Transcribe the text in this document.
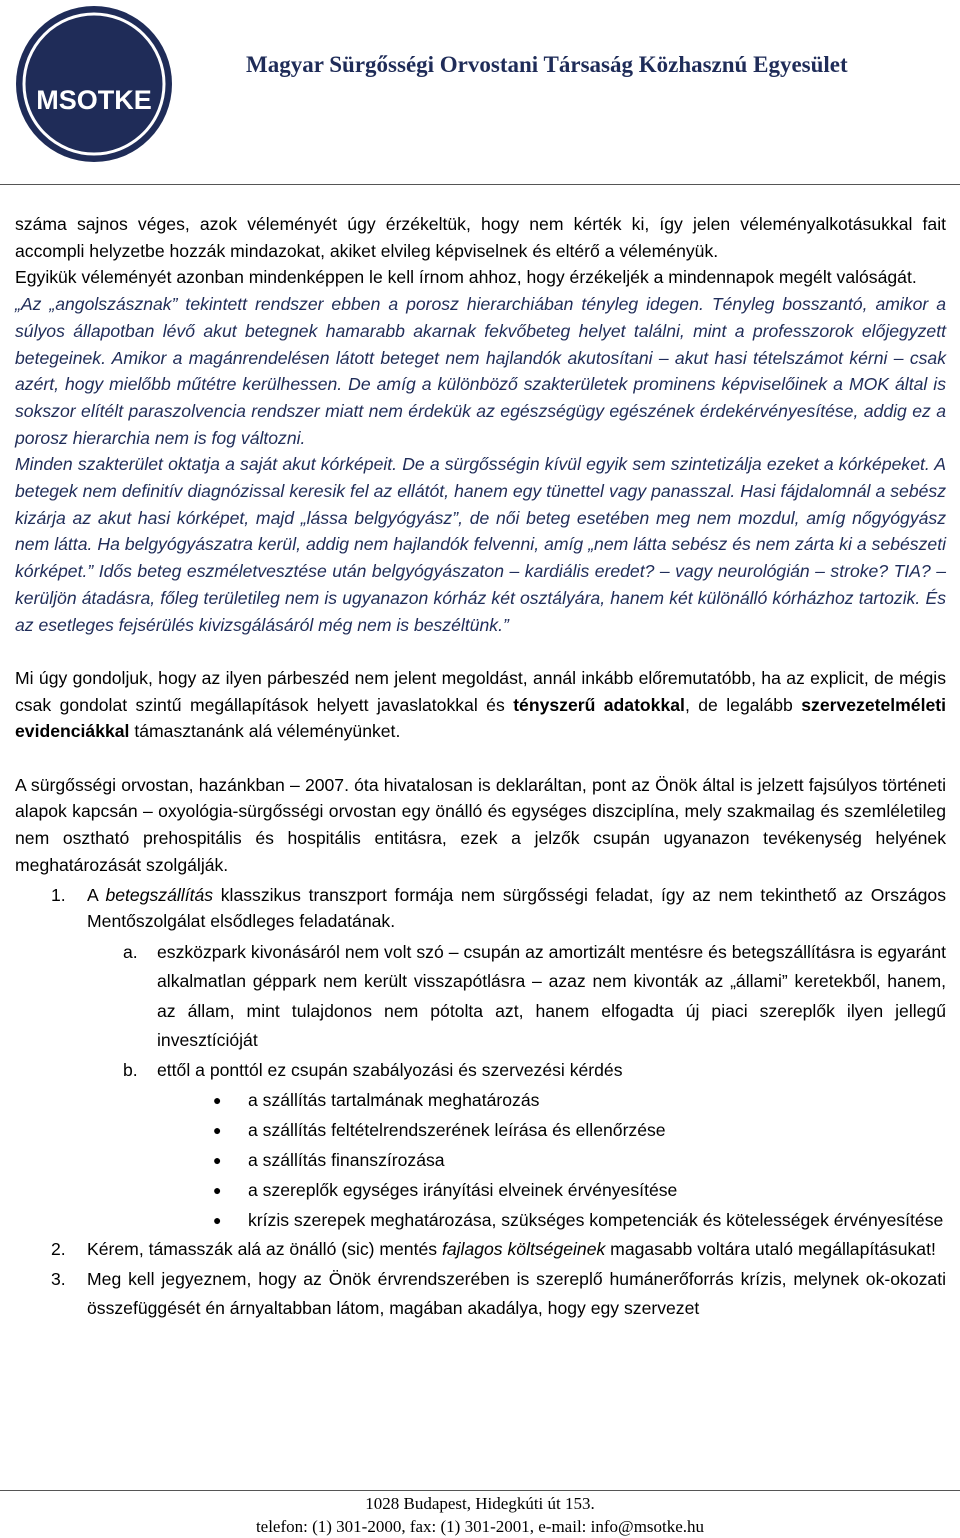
MSOTKE
Magyar Sürgősségi Orvostani Társaság Közhasznú Egyesület

száma sajnos véges, azok véleményét úgy érzékeltük, hogy nem kérték ki, így jelen véleményalkotásukkal fait accompli helyzetbe hozzák mindazokat, akiket elvileg képviselnek és eltérő a véleményük.

Egyikük véleményét azonban mindenképpen le kell írnom ahhoz, hogy érzékeljék a mindennapok megélt valóságát.

„Az „angolszásznak” tekintett rendszer ebben a porosz hierarchiában tényleg idegen. Tényleg bosszantó, amikor a súlyos állapotban lévő akut betegnek hamarabb akarnak fekvőbeteg helyet találni, mint a professzorok előjegyzett betegeinek. Amikor a magánrendelésen látott beteget nem hajlandók akutosítani – akut hasi tételszámot kérni – csak azért, hogy mielőbb műtétre kerülhessen. De amíg a különböző szakterületek prominens képviselőinek a MOK által is sokszor elítélt paraszolvencia rendszer miatt nem érdekük az egészségügy egészének érdekérvényesítése, addig ez a porosz hierarchia nem is fog változni.

Minden szakterület oktatja a saját akut kórképeit. De a sürgősségin kívül egyik sem szintetizálja ezeket a kórképeket. A betegek nem definitív diagnózissal keresik fel az ellátót, hanem egy tünettel vagy panasszal. Hasi fájdalomnál a sebész kizárja az akut hasi kórképet, majd „lássa belgyógyász”, de női beteg esetében meg nem mozdul, amíg nőgyógyász nem látta. Ha belgyógyászatra kerül, addig nem hajlandók felvenni, amíg „nem látta sebész és nem zárta ki a sebészeti kórképet.” Idős beteg eszméletvesztése után belgyógyászaton – kardiális eredet? – vagy neurológián – stroke? TIA? – kerüljön átadásra, főleg területileg nem is ugyanazon kórház két osztályára, hanem két különálló kórházhoz tartozik. És az esetleges fejsérülés kivizsgálásáról még nem is beszéltünk.”

Mi úgy gondoljuk, hogy az ilyen párbeszéd nem jelent megoldást, annál inkább előremutatóbb, ha az explicit, de mégis csak gondolat szintű megállapítások helyett javaslatokkal és tényszerű adatokkal, de legalább szervezetelméleti evidenciákkal támasztanánk alá véleményünket.

A sürgősségi orvostan, hazánkban – 2007. óta hivatalosan is deklaráltan, pont az Önök által is jelzett fajsúlyos történeti alapok kapcsán – oxyológia-sürgősségi orvostan egy önálló és egységes diszciplína, mely szakmailag és szemléletileg nem osztható prehospitális és hospitális entitásra, ezek a jelzők csupán ugyanazon tevékenység helyének meghatározását szolgálják.

1.	A betegszállítás klasszikus transzport formája nem sürgősségi feladat, így az nem tekinthető az Országos Mentőszolgálat elsődleges feladatának.
a.	eszközpark kivonásáról nem volt szó – csupán az amortizált mentésre és betegszállításra is egyaránt alkalmatlan géppark nem került visszapótlásra – azaz nem kivonták az „állami” keretekből, hanem, az állam, mint tulajdonos nem pótolta azt, hanem elfogadta új piaci szereplők ilyen jellegű invesztícióját
b.	ettől a ponttól ez csupán szabályozási és szervezési kérdés
●	a szállítás tartalmának meghatározás
●	a szállítás feltételrendszerének leírása és ellenőrzése
●	a szállítás finanszírozása
●	a szereplők egységes irányítási elveinek érvényesítése
●	krízis szerepek meghatározása, szükséges kompetenciák és kötelességek érvényesítése
2.	Kérem, támasszák alá az önálló (sic) mentés fajlagos költségeinek magasabb voltára utaló megállapításukat!
3.	Meg kell jegyeznem, hogy az Önök érvrendszerében is szereplő humánerőforrás krízis, melynek ok-okozati összefüggését én árnyaltabban látom, magában akadálya, hogy egy szervezet
1028 Budapest, Hidegkúti út 153.
telefon: (1) 301-2000, fax: (1) 301-2001, e-mail: info@msotke.hu
